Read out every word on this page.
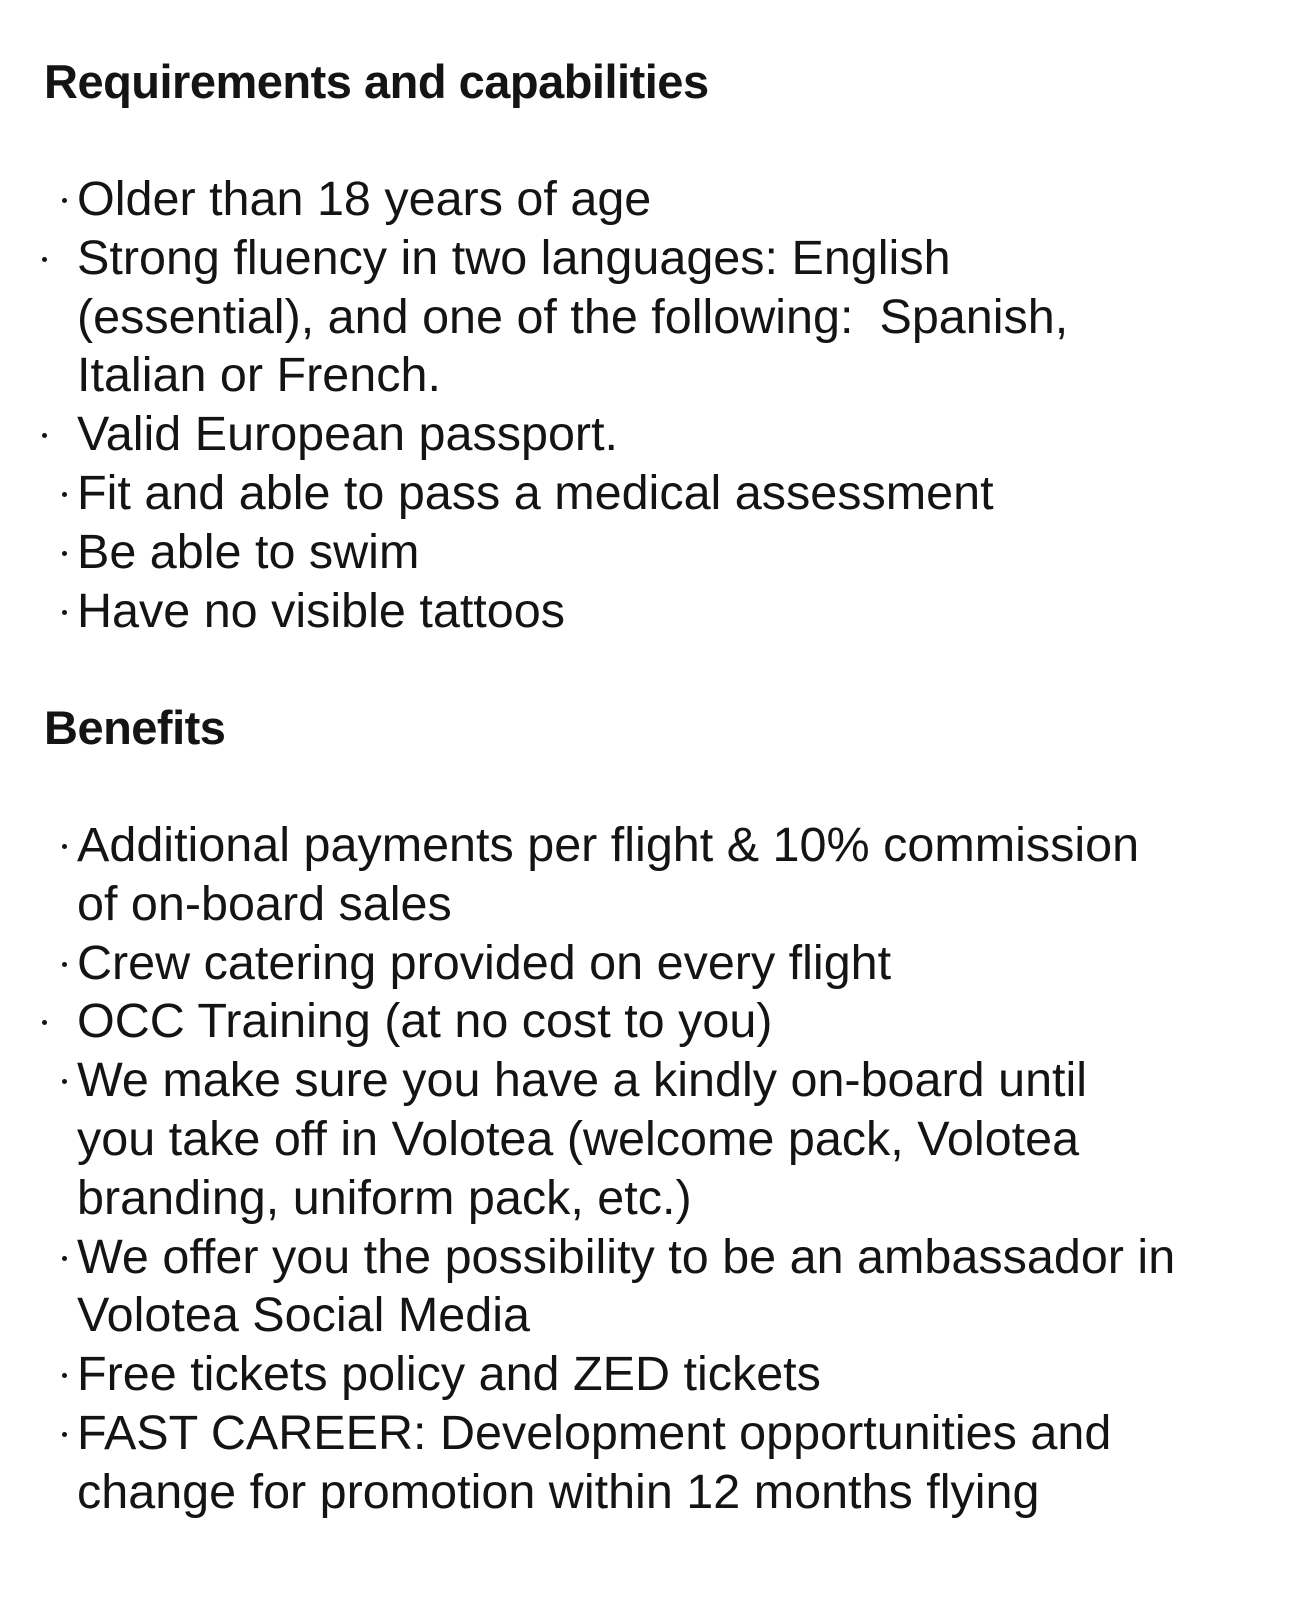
Requirements and capabilities
Older than 18 years of age
Strong fluency in two languages: English (essential), and one of the following: Spanish, Italian or French.
Valid European passport.
Fit and able to pass a medical assessment
Be able to swim
Have no visible tattoos
Benefits
Additional payments per flight & 10% commission of on-board sales
Crew catering provided on every flight
OCC Training (at no cost to you)
We make sure you have a kindly on-board until you take off in Volotea (welcome pack, Volotea branding, uniform pack, etc.)
We offer you the possibility to be an ambassador in Volotea Social Media
Free tickets policy and ZED tickets
FAST CAREER: Development opportunities and change for promotion within 12 months flying
